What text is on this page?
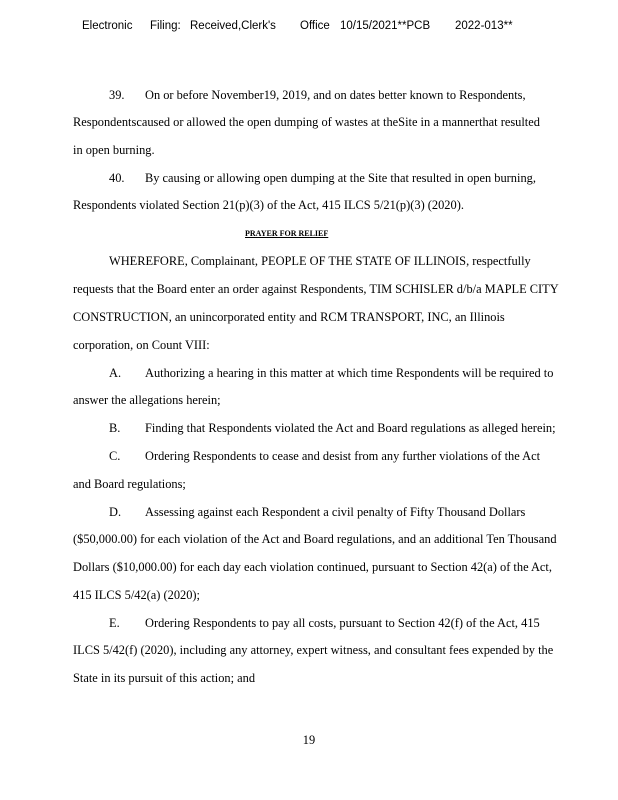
Electronic Filing: Received,Clerk's Office 10/15/2021**PCB 2022-013**
39. On or before November19, 2019, and on dates better known to Respondents,
Respondentscaused or allowed the open dumping of wastes at theSite in a mannerthat resulted
in open burning.
40. By causing or allowing open dumping at the Site that resulted in open burning,
Respondents violated Section 21(p)(3) of the Act, 415 ILCS 5/21(p)(3) (2020).
PRAYER FOR RELIEF
WHEREFORE, Complainant, PEOPLE OF THE STATE OF ILLINOIS, respectfully
requests that the Board enter an order against Respondents, TIM SCHISLER d/b/a MAPLE CITY
CONSTRUCTION, an unincorporated entity and RCM TRANSPORT, INC, an Illinois
corporation, on Count VIII:
A. Authorizing a hearing in this matter at which time Respondents will be required to
answer the allegations herein;
B. Finding that Respondents violated the Act and Board regulations as alleged herein;
C. Ordering Respondents to cease and desist from any further violations of the Act
and Board regulations;
D. Assessing against each Respondent a civil penalty of Fifty Thousand Dollars
($50,000.00) for each violation of the Act and Board regulations, and an additional Ten Thousand
Dollars ($10,000.00) for each day each violation continued, pursuant to Section 42(a) of the Act,
415 ILCS 5/42(a) (2020);
E. Ordering Respondents to pay all costs, pursuant to Section 42(f) of the Act, 415
ILCS 5/42(f) (2020), including any attorney, expert witness, and consultant fees expended by the
State in its pursuit of this action; and
19
